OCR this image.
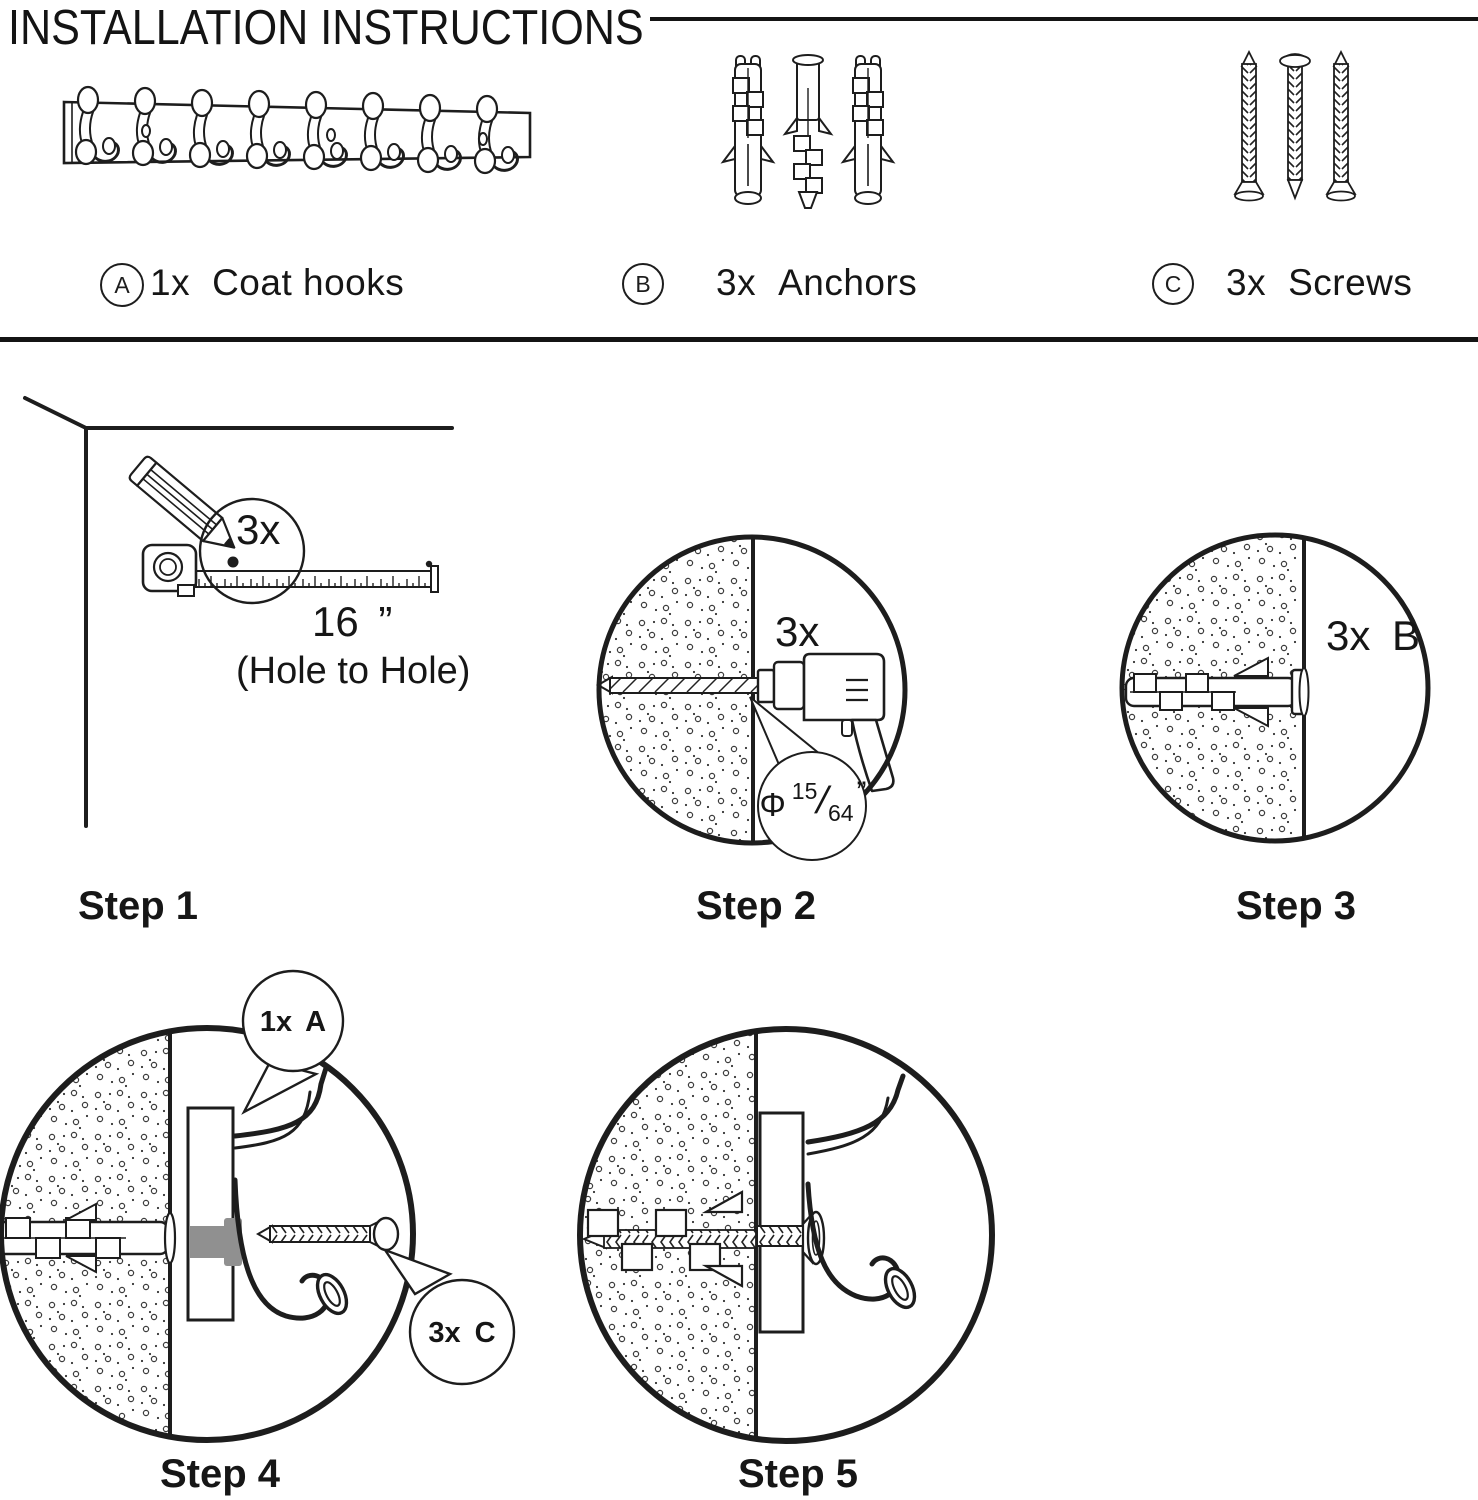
INSTALLATION INSTRUCTIONS
A 1x Coat hooks	B 3x Anchors	C 3x Screws
3x
16 ”
(Hole to Hole)
Step 1
3x
Φ 15
/
64
”
Step 2
3x B
Step 3
1x A
3x C
Step 4	Step 5
